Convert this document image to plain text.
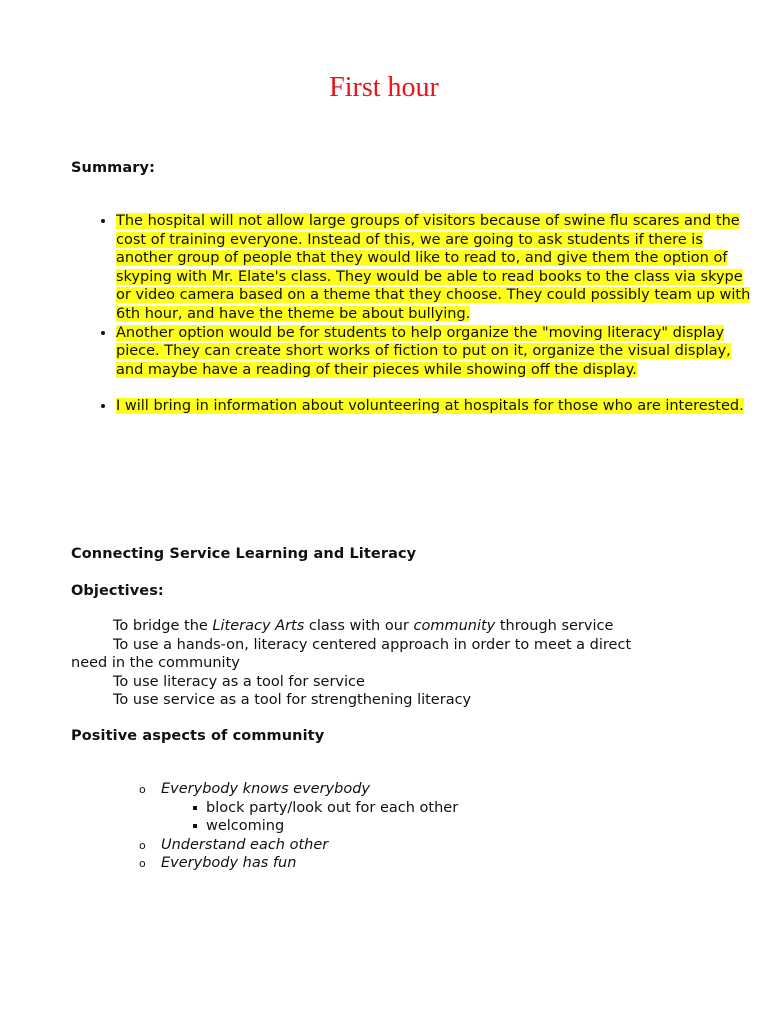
First hour
Summary:
• The hospital will not allow large groups of visitors because of swine flu scares and the cost of training everyone. Instead of this, we are going to ask students if there is another group of people that they would like to read to, and give them the option of skyping with Mr. Elate's class. They would be able to read books to the class via skype or video camera based on a theme that they choose. They could possibly team up with 6th hour, and have the theme be about bullying.
• Another option would be for students to help organize the "moving literacy" display piece. They can create short works of fiction to put on it, organize the visual display, and maybe have a reading of their pieces while showing off the display.
• I will bring in information about volunteering at hospitals for those who are interested.
Connecting Service Learning and Literacy
Objectives:

To bridge the Literacy Arts class with our community through service

To use a hands-on, literacy centered approach in order to meet a direct need in the community

To use literacy as a tool for service

To use service as a tool for strengthening literacy

Positive aspects of community
o Everybody knows everybody
block party/look out for each other
welcoming
o Understand each other
o Everybody has fun
